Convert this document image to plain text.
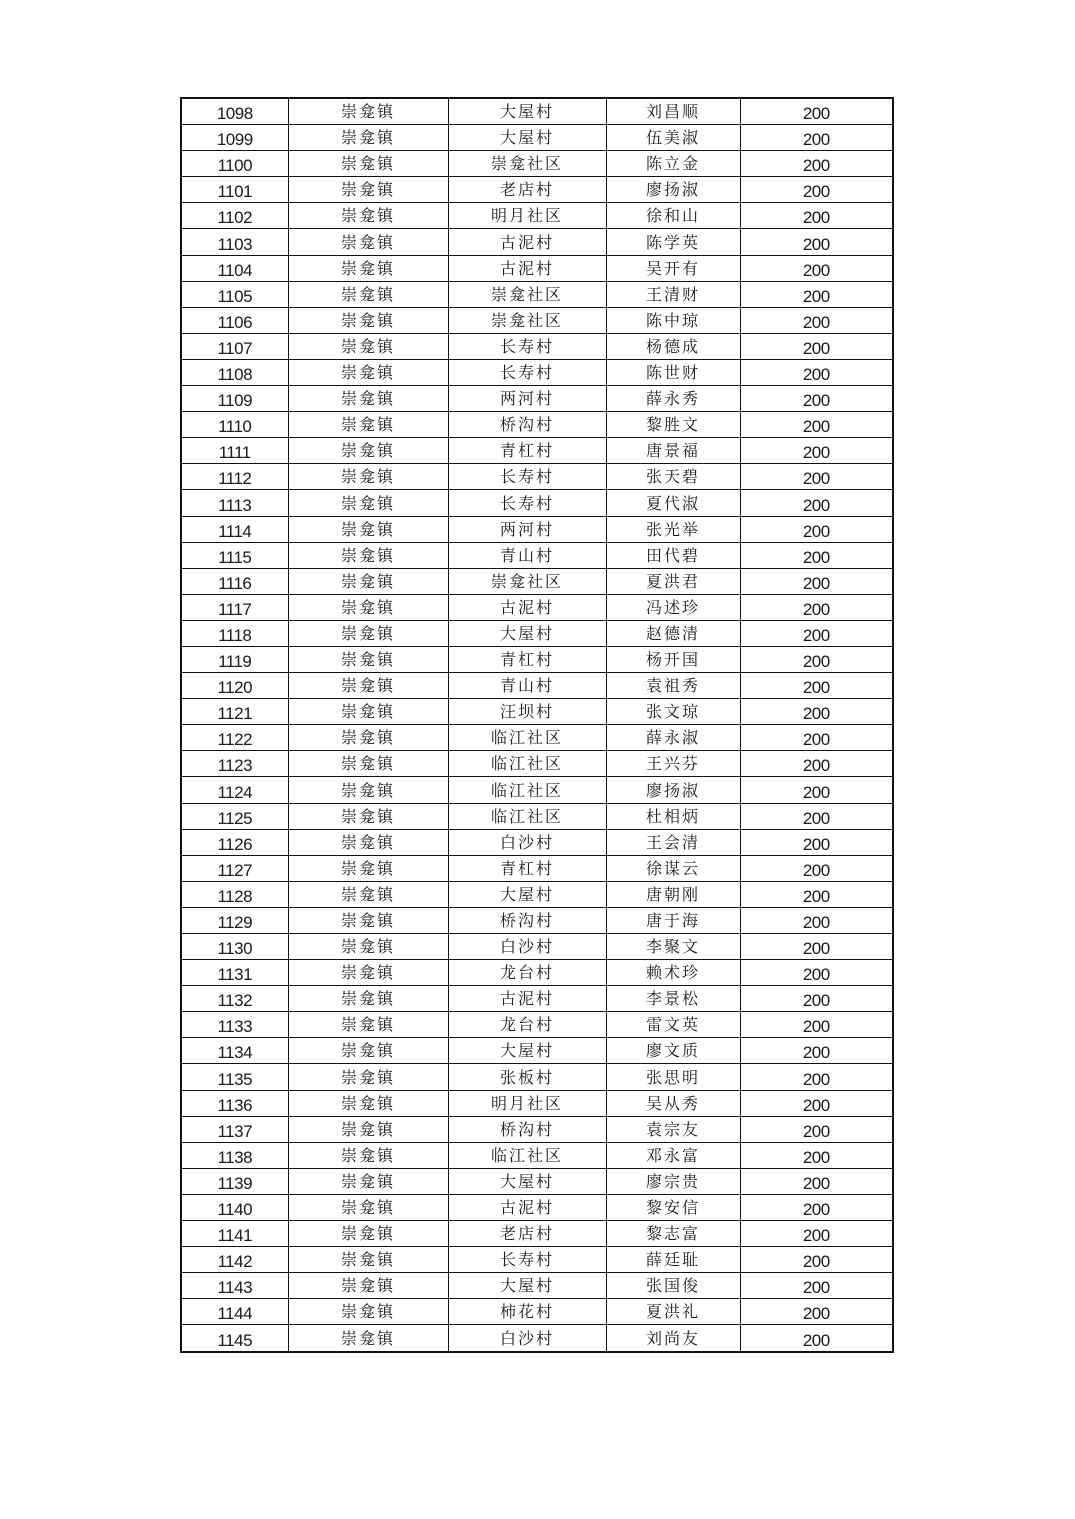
1098	崇龛镇	大屋村	刘昌顺	200
1099	崇龛镇	大屋村	伍美淑	200
1100	崇龛镇	崇龛社区	陈立金	200
1101	崇龛镇	老店村	廖扬淑	200
1102	崇龛镇	明月社区	徐和山	200
1103	崇龛镇	古泥村	陈学英	200
1104	崇龛镇	古泥村	吴开有	200
1105	崇龛镇	崇龛社区	王清财	200
1106	崇龛镇	崇龛社区	陈中琼	200
1107	崇龛镇	长寿村	杨德成	200
1108	崇龛镇	长寿村	陈世财	200
1109	崇龛镇	两河村	薛永秀	200
1110	崇龛镇	桥沟村	黎胜文	200
1111	崇龛镇	青杠村	唐景福	200
1112	崇龛镇	长寿村	张天碧	200
1113	崇龛镇	长寿村	夏代淑	200
1114	崇龛镇	两河村	张光举	200
1115	崇龛镇	青山村	田代碧	200
1116	崇龛镇	崇龛社区	夏洪君	200
1117	崇龛镇	古泥村	冯述珍	200
1118	崇龛镇	大屋村	赵德清	200
1119	崇龛镇	青杠村	杨开国	200
1120	崇龛镇	青山村	袁祖秀	200
1121	崇龛镇	汪坝村	张文琼	200
1122	崇龛镇	临江社区	薛永淑	200
1123	崇龛镇	临江社区	王兴芬	200
1124	崇龛镇	临江社区	廖扬淑	200
1125	崇龛镇	临江社区	杜相炳	200
1126	崇龛镇	白沙村	王会清	200
1127	崇龛镇	青杠村	徐谋云	200
1128	崇龛镇	大屋村	唐朝刚	200
1129	崇龛镇	桥沟村	唐于海	200
1130	崇龛镇	白沙村	李聚文	200
1131	崇龛镇	龙台村	赖术珍	200
1132	崇龛镇	古泥村	李景松	200
1133	崇龛镇	龙台村	雷文英	200
1134	崇龛镇	大屋村	廖文质	200
1135	崇龛镇	张板村	张思明	200
1136	崇龛镇	明月社区	吴从秀	200
1137	崇龛镇	桥沟村	袁宗友	200
1138	崇龛镇	临江社区	邓永富	200
1139	崇龛镇	大屋村	廖宗贵	200
1140	崇龛镇	古泥村	黎安信	200
1141	崇龛镇	老店村	黎志富	200
1142	崇龛镇	长寿村	薛廷耻	200
1143	崇龛镇	大屋村	张国俊	200
1144	崇龛镇	柿花村	夏洪礼	200
1145	崇龛镇	白沙村	刘尚友	200
